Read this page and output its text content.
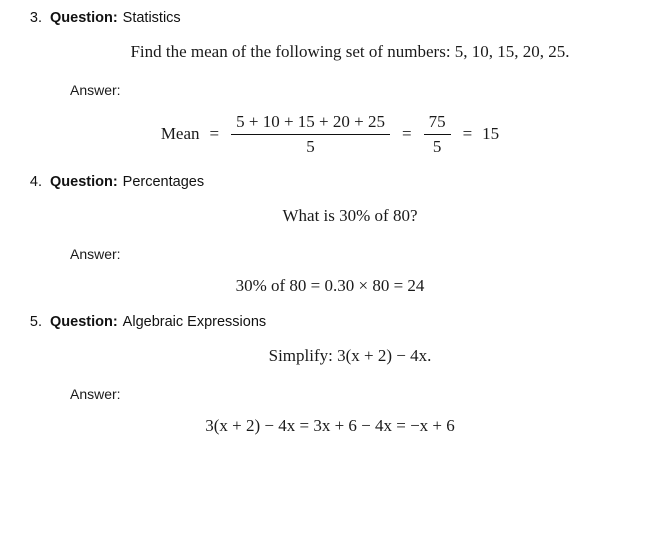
3. Question: Statistics
Find the mean of the following set of numbers: 5, 10, 15, 20, 25.
Answer:
Mean = $\frac{5 + 10 + 15 + 20 + 25}{5} = \frac{75}{5} = 15$
4. Question: Percentages
What is 30% of 80?
Answer:
30% of 80 = 0.30 × 80 = 24
5. Question: Algebraic Expressions
Simplify: 3(x + 2) − 4x.
Answer:
3(x + 2) − 4x = 3x + 6 − 4x = −x + 6
